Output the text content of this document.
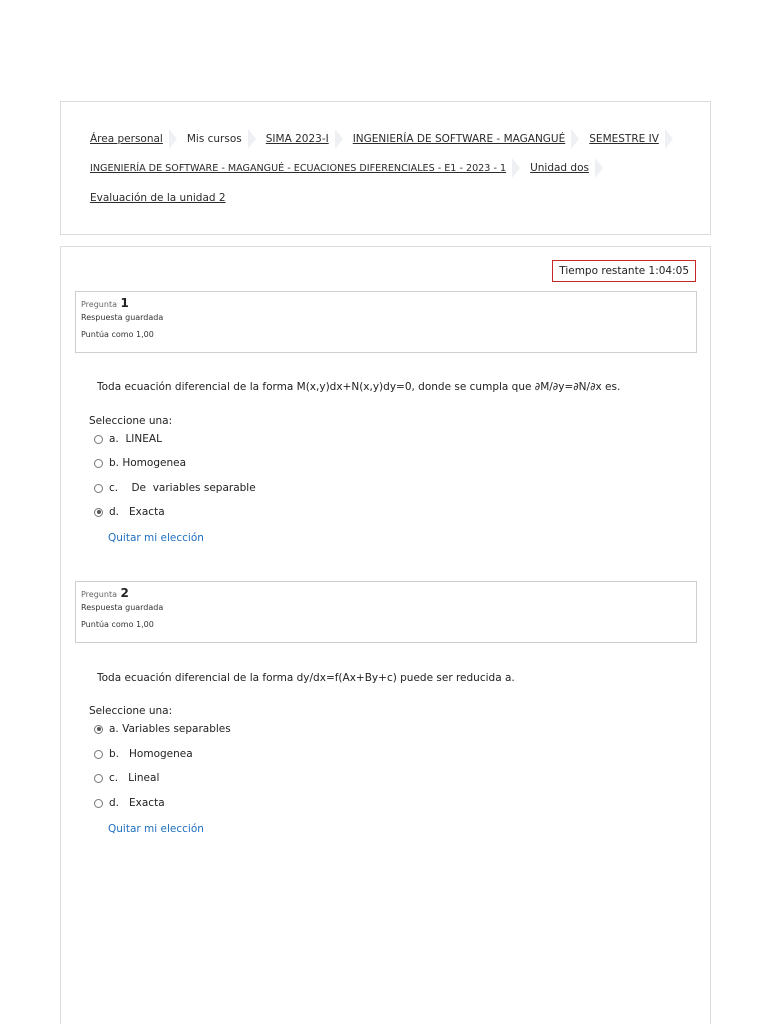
Área personal Mis cursos SIMA 2023-I INGENIERÍA DE SOFTWARE - MAGANGUÉ SEMESTRE IV
INGENIERÍA DE SOFTWARE - MAGANGUÉ - ECUACIONES DIFERENCIALES - E1 - 2023 - 1 Unidad dos
Evaluación de la unidad 2
Tiempo restante 1:04:05
Pregunta 1
Respuesta guardada
Puntúa como 1,00
Toda ecuación diferencial de la forma M(x,y)dx+N(x,y)dy=0, donde se cumpla que ∂M/∂y=∂N/∂x es.
Seleccione una:
a. LINEAL
b. Homogenea
c. De  variables separable
d. Exacta
Quitar mi elección
Pregunta 2
Respuesta guardada
Puntúa como 1,00
Toda ecuación diferencial de la forma dy/dx=f(Ax+By+c) puede ser reducida a.
Seleccione una:
a. Variables separables
b. Homogenea
c. Lineal
d. Exacta
Quitar mi elección
